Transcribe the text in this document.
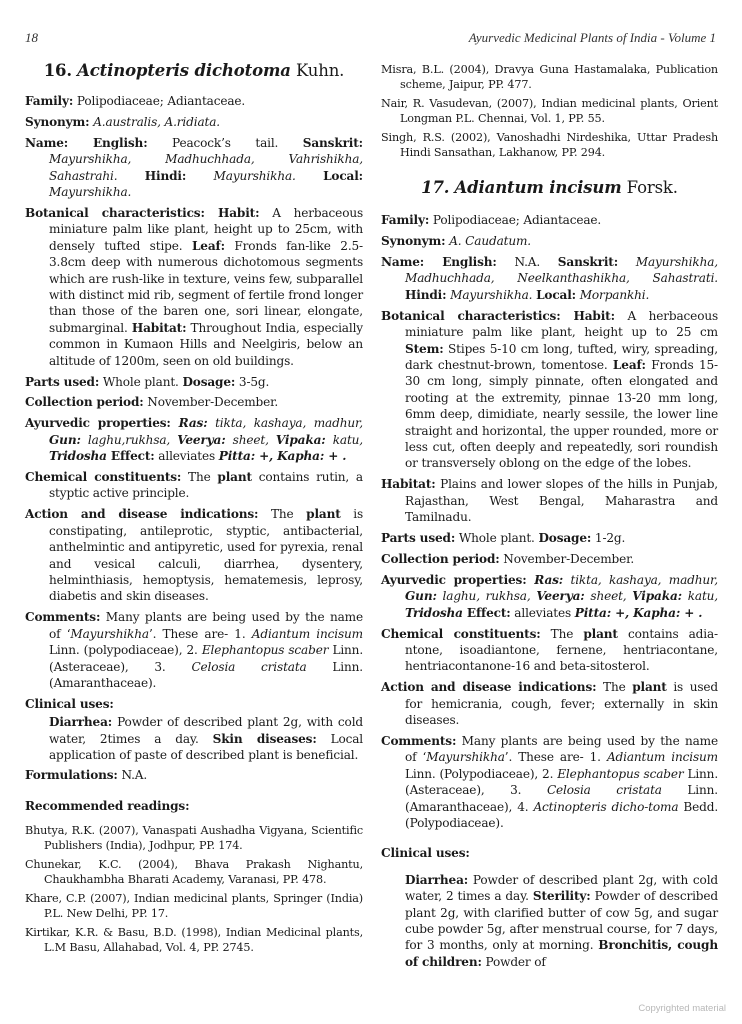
18	Ayurvedic Medicinal Plants of India - Volume 1
16. Actinopteris dichotoma Kuhn.

Family: Polipodiaceae; Adiantaceae.

Synonym: A.australis, A.ridiata.

Name: English: Peacock’s tail. Sanskrit: Mayurshikha, Madhuchhada, Vahrishikha, Sahastrahi. Hindi: Mayurshikha. Local: Mayurshikha.

Botanical characteristics: Habit: A herbaceous miniature palm like plant, height up to 25cm, with densely tufted stipe. Leaf: Fronds fan-like 2.5-3.8cm deep with numerous dichotomous segments which are rush-like in texture, veins few, subparallel with distinct mid rib, segment of fertile frond longer than those of the baren one, sori linear, elongate, submarginal. Habitat: Throughout India, especially common in Kumaon Hills and Neelgiris, below an altitude of 1200m, seen on old buildings.

Parts used: Whole plant. Dosage: 3-5g.

Collection period: November-December.

Ayurvedic properties: Ras: tikta, kashaya, madhur, Gun: laghu,rukhsa, Veerya: sheet, Vipaka: katu, Tridosha Effect: alleviates Pitta: +, Kapha: + .

Chemical constituents: The plant contains rutin, a styptic active principle.

Action and disease indications: The plant is constipating, antileprotic, styptic, antibacterial, anthelmintic and antipyretic, used for pyrexia, renal and vesical calculi, diarrhea, dysentery, helminthiasis, hemoptysis, hematemesis, leprosy, diabetis and skin diseases.

Comments: Many plants are being used by the name of ‘Mayurshikha’. These are- 1. Adiantum incisum Linn. (polypodiaceae), 2. Elephantopus scaber Linn. (Asteraceae), 3. Celosia cristata Linn. (Amaranthaceae).

Clinical uses:

Diarrhea: Powder of described plant 2g, with cold water, 2times a day. Skin diseases: Local application of paste of described plant is beneficial.

Formulations: N.A.

Recommended readings:

Bhutya, R.K. (2007), Vanaspati Aushadha Vigyana, Scientific Publishers (India), Jodhpur, PP. 174.

Chunekar, K.C. (2004), Bhava Prakash Nighantu, Chaukhambha Bharati Academy, Varanasi, PP. 478.

Khare, C.P. (2007), Indian medicinal plants, Springer (India) P.L. New Delhi, PP. 17.

Kirtikar, K.R. & Basu, B.D. (1998), Indian Medicinal plants, L.M Basu, Allahabad, Vol. 4, PP. 2745.

Misra, B.L. (2004), Dravya Guna Hastamalaka, Publication scheme, Jaipur, PP. 477.

Nair, R. Vasudevan, (2007), Indian medicinal plants, Orient Longman P.L. Chennai, Vol. 1, PP. 55.

Singh, R.S. (2002), Vanoshadhi Nirdeshika, Uttar Pradesh Hindi Sansathan, Lakhanow, PP. 294.

17. Adiantum incisum Forsk.

Family: Polipodiaceae; Adiantaceae.

Synonym: A. Caudatum.

Name: English: N.A. Sanskrit: Mayurshikha, Madhuchhada, Neelkanthashikha, Sahastrati. Hindi: Mayurshikha. Local: Morpankhi.

Botanical characteristics: Habit: A herbaceous miniature palm like plant, height up to 25 cm Stem: Stipes 5-10 cm long, tufted, wiry, spreading, dark chestnut-brown, tomentose. Leaf: Fronds 15-30 cm long, simply pinnate, often elongated and rooting at the extremity, pinnae 13-20 mm long, 6mm deep, dimidiate, nearly sessile, the lower line straight and horizontal, the upper rounded, more or less cut, often deeply and repeatedly, sori roundish or transversely oblong on the edge of the lobes.

Habitat: Plains and lower slopes of the hills in Punjab, Rajasthan, West Bengal, Maharastra and Tamilnadu.

Parts used: Whole plant. Dosage: 1-2g.

Collection period: November-December.

Ayurvedic properties: Ras: tikta, kashaya, madhur, Gun: laghu, rukhsa, Veerya: sheet, Vipaka: katu, Tridosha Effect: alleviates Pitta: +, Kapha: + .

Chemical constituents: The plant contains adia-ntone, isoadiantone, fernene, hentriacontane, hentriacontanone-16 and beta-sitosterol.

Action and disease indications: The plant is used for hemicrania, cough, fever; externally in skin diseases.

Comments: Many plants are being used by the name of ‘Mayurshikha’. These are- 1. Adiantum incisum Linn. (Polypodiaceae), 2. Elephantopus scaber Linn. (Asteraceae), 3. Celosia cristata Linn. (Amaranthaceae), 4. Actinopteris dicho-toma Bedd. (Polypodiaceae).

Clinical uses:

Diarrhea: Powder of described plant 2g, with cold water, 2 times a day. Sterility: Powder of described plant 2g, with clarified butter of cow 5g, and sugar cube powder 5g, after menstrual course, for 7 days, for 3 months, only at morning. Bronchitis, cough of children: Powder of

Copyrighted material
